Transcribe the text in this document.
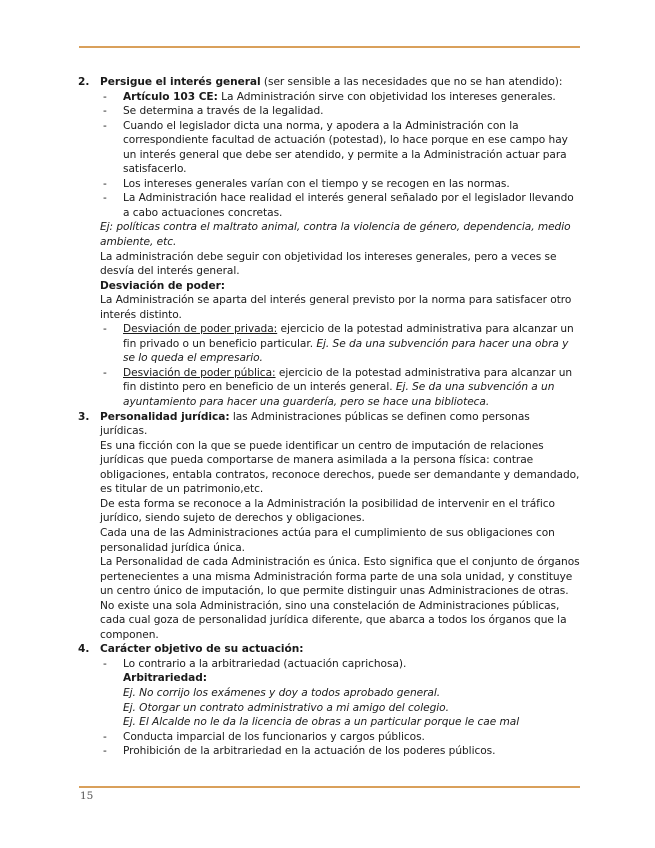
2. Persigue el interés general (ser sensible a las necesidades que no se han atendido):

- Artículo 103 CE: La Administración sirve con objetividad los intereses generales.

- Se determina a través de la legalidad.

- Cuando el legislador dicta una norma, y apodera a la Administración con la correspondiente facultad de actuación (potestad), lo hace porque en ese campo hay un interés general que debe ser atendido, y permite a la Administración actuar para satisfacerlo.

- Los intereses generales varían con el tiempo y se recogen en las normas.

- La Administración hace realidad el interés general señalado por el legislador llevando a cabo actuaciones concretas.

Ej: políticas contra el maltrato animal, contra la violencia de género, dependencia, medio ambiente, etc.

La administración debe seguir con objetividad los intereses generales, pero a veces se desvía del interés general.

Desviación de poder:

La Administración se aparta del interés general previsto por la norma para satisfacer otro interés distinto.

- Desviación de poder privada: ejercicio de la potestad administrativa para alcanzar un fin privado o un beneficio particular. Ej. Se da una subvención para hacer una obra y se lo queda el empresario.

- Desviación de poder pública: ejercicio de la potestad administrativa para alcanzar un fin distinto pero en beneficio de un interés general. Ej. Se da una subvención a un ayuntamiento para hacer una guardería, pero se hace una biblioteca.

3. Personalidad jurídica: las Administraciones públicas se definen como personas jurídicas.

Es una ficción con la que se puede identificar un centro de imputación de relaciones jurídicas que pueda comportarse de manera asimilada a la persona física: contrae obligaciones, entabla contratos, reconoce derechos, puede ser demandante y demandado, es titular de un patrimonio,etc.

De esta forma se reconoce a la Administración la posibilidad de intervenir en el tráfico jurídico, siendo sujeto de derechos y obligaciones.

Cada una de las Administraciones actúa para el cumplimiento de sus obligaciones con personalidad jurídica única.

La Personalidad de cada Administración es única. Esto significa que el conjunto de órganos pertenecientes a una misma Administración forma parte de una sola unidad, y constituye un centro único de imputación, lo que permite distinguir unas Administraciones de otras.

No existe una sola Administración, sino una constelación de Administraciones públicas, cada cual goza de personalidad jurídica diferente, que abarca a todos los órganos que la componen.

4. Carácter objetivo de su actuación:

- Lo contrario a la arbitrariedad (actuación caprichosa).

Arbitrariedad:

Ej. No corrijo los exámenes y doy a todos aprobado general.

Ej. Otorgar un contrato administrativo a mi amigo del colegio.

Ej. El Alcalde no le da la licencia de obras a un particular porque le cae mal

- Conducta imparcial de los funcionarios y cargos públicos.

- Prohibición de la arbitrariedad en la actuación de los poderes públicos.

15
